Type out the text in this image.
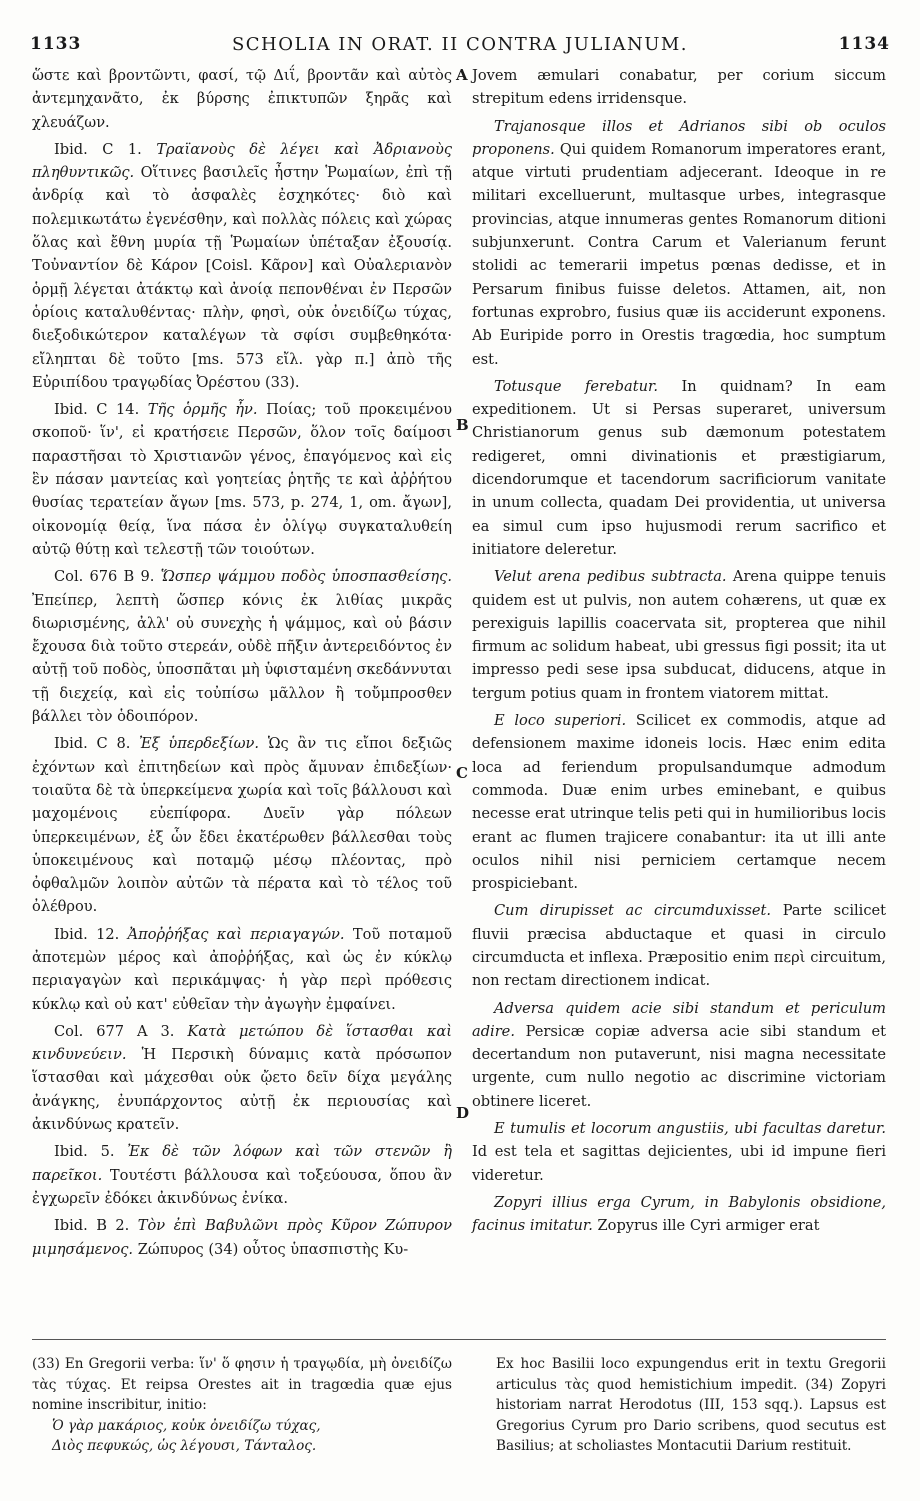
1133	SCHOLIA IN ORAT. II CONTRA JULIANUM.	1134
A
B
C
D

ὥστε καὶ βροντῶντι, φασί, τῷ Διΐ, βροντᾶν καὶ αὐτὸς ἀντεμηχανᾶτο, ἐκ βύρσης ἐπικτυπῶν ξηρᾶς καὶ χλευάζων.

Ibid. C 1. Τραϊανοὺς δὲ λέγει καὶ Ἀδριανοὺς πληθυντικῶς. Οἵτινες βασιλεῖς ἦστην Ῥωμαίων, ἐπὶ τῇ ἀνδρίᾳ καὶ τὸ ἀσφαλὲς ἐσχηκότες· διὸ καὶ πολεμικωτάτω ἐγενέσθην, καὶ πολλὰς πόλεις καὶ χώρας ὅλας καὶ ἔθνη μυρία τῇ Ῥωμαίων ὑπέταξαν ἐξουσίᾳ. Τοὐναντίον δὲ Κάρον [Coisl. Κᾶρον] καὶ Οὐαλεριανὸν ὁρμῇ λέγεται ἀτάκτῳ καὶ ἀνοίᾳ πεπονθέναι ἐν Περσῶν ὁρίοις καταλυθέντας· πλὴν, φησὶ, οὐκ ὀνειδίζω τύχας, διεξοδικώτερον καταλέγων τὰ σφίσι συμβεθηκότα· εἴληπται δὲ τοῦτο [ms. 573 εἴλ. γὰρ π.] ἀπὸ τῆς Εὐριπίδου τραγῳδίας Ὀρέστου (33).

Ibid. C 14. Τῆς ὁρμῆς ἦν. Ποίας; τοῦ προκειμένου σκοποῦ· ἵν', εἰ κρατήσειε Περσῶν, ὅλον τοῖς δαίμοσι παραστῆσαι τὸ Χριστιανῶν γένος, ἐπαγόμενος καὶ εἰς ἓν πάσαν μαντείας καὶ γοητείας ῥητῆς τε καὶ ἀῤῥήτου θυσίας τερατείαν ἄγων [ms. 573, p. 274, 1, om. ἄγων], οἰκονομίᾳ θείᾳ, ἵνα πάσα ἐν ὀλίγῳ συγκαταλυθείη αὐτῷ θύτῃ καὶ τελεστῇ τῶν τοιούτων.

Col. 676 B 9. Ὥσπερ ψάμμου ποδὸς ὑποσπασθείσης. Ἐπείπερ, λεπτὴ ὥσπερ κόνις ἐκ λιθίας μικρᾶς διωρισμένης, ἀλλ' οὐ συνεχὴς ἡ ψάμμος, καὶ οὐ βάσιν ἔχουσα διὰ τοῦτο στερεάν, οὐδὲ πῆξιν ἀντερειδόντος ἐν αὐτῇ τοῦ ποδὸς, ὑποσπᾶται μὴ ὑφισταμένη σκεδάννυται τῇ διεχείᾳ, καὶ εἰς τοὐπίσω μᾶλλον ἢ τοὔμπροσθεν βάλλει τὸν ὁδοιπόρον.

Ibid. C 8. Ἐξ ὑπερδεξίων. Ὡς ἂν τις εἴποι δεξιῶς ἐχόντων καὶ ἐπιτηδείων καὶ πρὸς ἄμυναν ἐπιδεξίων· τοιαῦτα δὲ τὰ ὑπερκείμενα χωρία καὶ τοῖς βάλλουσι καὶ μαχομένοις εὐεπίφορα. Δυεῖν γὰρ πόλεων ὑπερκειμένων, ἐξ ὧν ἔδει ἑκατέρωθεν βάλλεσθαι τοὺς ὑποκειμένους καὶ ποταμῷ μέσῳ πλέοντας, πρὸ ὀφθαλμῶν λοιπὸν αὐτῶν τὰ πέρατα καὶ τὸ τέλος τοῦ ὀλέθρου.

Ibid. 12. Ἀποῤῥήξας καὶ περιαγαγών. Τοῦ ποταμοῦ ἀποτεμὼν μέρος καὶ ἀποῤῥήξας, καὶ ὡς ἐν κύκλῳ περιαγαγὼν καὶ περικάμψας· ἡ γὰρ περὶ πρόθεσις κύκλῳ καὶ οὐ κατ' εὐθεῖαν τὴν ἀγωγὴν ἐμφαίνει.

Col. 677 A 3. Κατὰ μετώπου δὲ ἵστασθαι καὶ κινδυνεύειν. Ἡ Περσικὴ δύναμις κατὰ πρόσωπον ἵστασθαι καὶ μάχεσθαι οὐκ ᾤετο δεῖν δίχα μεγάλης ἀνάγκης, ἐνυπάρχοντος αὐτῇ ἐκ περιουσίας καὶ ἀκινδύνως κρατεῖν.

Ibid. 5. Ἐκ δὲ τῶν λόφων καὶ τῶν στενῶν ἢ παρεῖκοι. Τουτέστι βάλλουσα καὶ τοξεύουσα, ὅπου ἂν ἐγχωρεῖν ἐδόκει ἀκινδύνως ἐνίκα.

Ibid. B 2. Τὸν ἐπὶ Βαβυλῶνι πρὸς Κῦρον Ζώπυρον μιμησάμενος. Ζώπυρος (34) οὗτος ὑπασπιστὴς Κυ-

Jovem æmulari conabatur, per corium siccum strepitum edens irridensque.

Trajanosque illos et Adrianos sibi ob oculos proponens. Qui quidem Romanorum imperatores erant, atque virtuti prudentiam adjecerant. Ideoque in re militari excelluerunt, multasque urbes, integrasque provincias, atque innumeras gentes Romanorum ditioni subjunxerunt. Contra Carum et Valerianum ferunt stolidi ac temerarii impetus pœnas dedisse, et in Persarum finibus fuisse deletos. Attamen, ait, non fortunas exprobro, fusius quæ iis acciderunt exponens. Ab Euripide porro in Orestis tragœdia, hoc sumptum est.

Totusque ferebatur. In quidnam? In eam expeditionem. Ut si Persas superaret, universum Christianorum genus sub dæmonum potestatem redigeret, omni divinationis et præstigiarum, dicendorumque et tacendorum sacrificiorum vanitate in unum collecta, quadam Dei providentia, ut universa ea simul cum ipso hujusmodi rerum sacrifico et initiatore deleretur.

Velut arena pedibus subtracta. Arena quippe tenuis quidem est ut pulvis, non autem cohærens, ut quæ ex perexiguis lapillis coacervata sit, propterea que nihil firmum ac solidum habeat, ubi gressus figi possit; ita ut impresso pedi sese ipsa subducat, diducens, atque in tergum potius quam in frontem viatorem mittat.

E loco superiori. Scilicet ex commodis, atque ad defensionem maxime idoneis locis. Hæc enim edita loca ad feriendum propulsandumque admodum commoda. Duæ enim urbes eminebant, e quibus necesse erat utrinque telis peti qui in humilioribus locis erant ac flumen trajicere conabantur: ita ut illi ante oculos nihil nisi perniciem certamque necem prospiciebant.

Cum dirupisset ac circumduxisset. Parte scilicet fluvii præcisa abductaque et quasi in circulo circumducta et inflexa. Præpositio enim περὶ circuitum, non rectam directionem indicat.

Adversa quidem acie sibi standum et periculum adire. Persicæ copiæ adversa acie sibi standum et decertandum non putaverunt, nisi magna necessitate urgente, cum nullo negotio ac discrimine victoriam obtinere liceret.

E tumulis et locorum angustiis, ubi facultas daretur. Id est tela et sagittas dejicientes, ubi id impune fieri videretur.

Zopyri illius erga Cyrum, in Babylonis obsidione, facinus imitatur. Zopyrus ille Cyri armiger erat

(33) En Gregorii verba: ἵν' ὅ φησιν ἡ τραγῳδία, μὴ ὀνειδίζω τὰς τύχας. Et reipsa Orestes ait in tragœdia quæ ejus nomine inscribitur, initio:

Ὁ γὰρ μακάριος, κοὐκ ὀνειδίζω τύχας,

Διὸς πεφυκώς, ὡς λέγουσι, Τάνταλος.

Ex hoc Basilii loco expungendus erit in textu Gregorii articulus τὰς quod hemistichium impedit. (34) Zopyri historiam narrat Herodotus (III, 153 sqq.). Lapsus est Gregorius Cyrum pro Dario scribens, quod secutus est Basilius; at scholiastes Montacutii Darium restituit.
